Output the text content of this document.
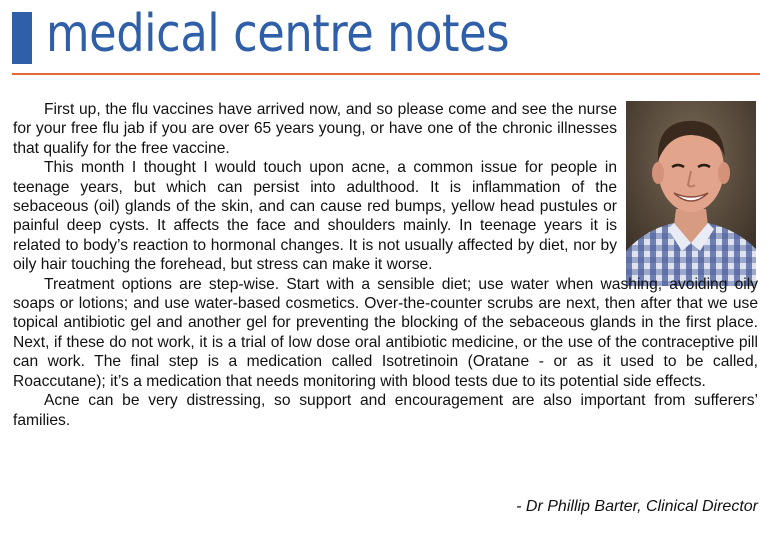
medical centre notes

First up, the flu vaccines have arrived now, and so please come and see the nurse for your free flu jab if you are over 65 years young, or have one of the chronic illnesses that qualify for the free vaccine.

This month I thought I would touch upon acne, a common issue for people in teenage years, but which can persist into adulthood. It is inflammation of the sebaceous (oil) glands of the skin, and can cause red bumps, yellow head pustules or painful deep cysts. It affects the face and shoulders mainly. In teenage years it is related to body’s reaction to hormonal changes. It is not usually affected by diet, nor by oily hair touching the forehead, but stress can make it worse.

Treatment options are step-wise. Start with a sensible diet; use water when washing, avoiding oily soaps or lotions; and use water-based cosmetics. Over-the-counter scrubs are next, then after that we use topical antibiotic gel and another gel for preventing the blocking of the sebaceous glands in the first place. Next, if these do not work, it is a trial of low dose oral antibiotic medicine, or the use of the contraceptive pill can work. The final step is a medication called Isotretinoin (Oratane - or as it used to be called, Roaccutane); it’s a medication that needs monitoring with blood tests due to its potential side effects.

Acne can be very distressing, so support and encouragement are also important from sufferers’ families.

- Dr Phillip Barter, Clinical Director
